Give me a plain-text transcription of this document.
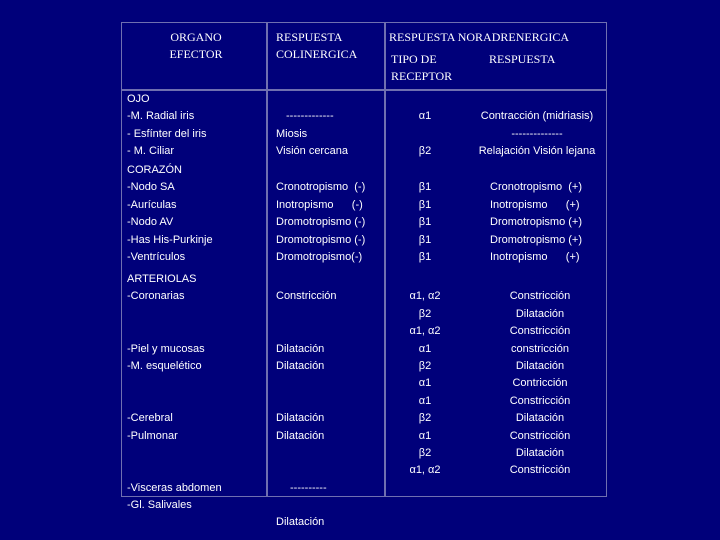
ORGANO
EFECTOR
RESPUESTA
COLINERGICA
RESPUESTA NORADRENERGICA
TIPO DE
RECEPTOR
RESPUESTA
OJO
-M. Radial iris
- Esfínter del iris
- M. Ciliar
-------------
Miosis
Visión cercana
α1
β2
Contracción (midriasis)
--------------
Relajación Visión lejana
CORAZÓN
-Nodo SA
-Aurículas
-Nodo AV
-Has His-Purkinje
-Ventrículos
Cronotropismo  (-)
Inotropismo      (-)
Dromotropismo (-)
Dromotropismo (-)
Dromotropismo(-)
β1
β1
β1
β1
β1
Cronotropismo  (+)
Inotropismo      (+)
Dromotropismo (+)
Dromotropismo (+)
Inotropismo      (+)
ARTERIOLAS
-Coronarias
-Piel y mucosas
-M. esquelético
-Cerebral
-Pulmonar
-Visceras abdomen
-Gl. Salivales
Constricción
Dilatación
Dilatación
Dilatación
Dilatación
----------
Dilatación
α1, α2
β2
α1, α2
α1
β2
α1
α1
β2
α1
β2
α1, α2
Constricción
Dilatación
Constricción
constricción
Dilatación
Contricción
Constricción
Dilatación
Constricción
Dilatación
Constricción
